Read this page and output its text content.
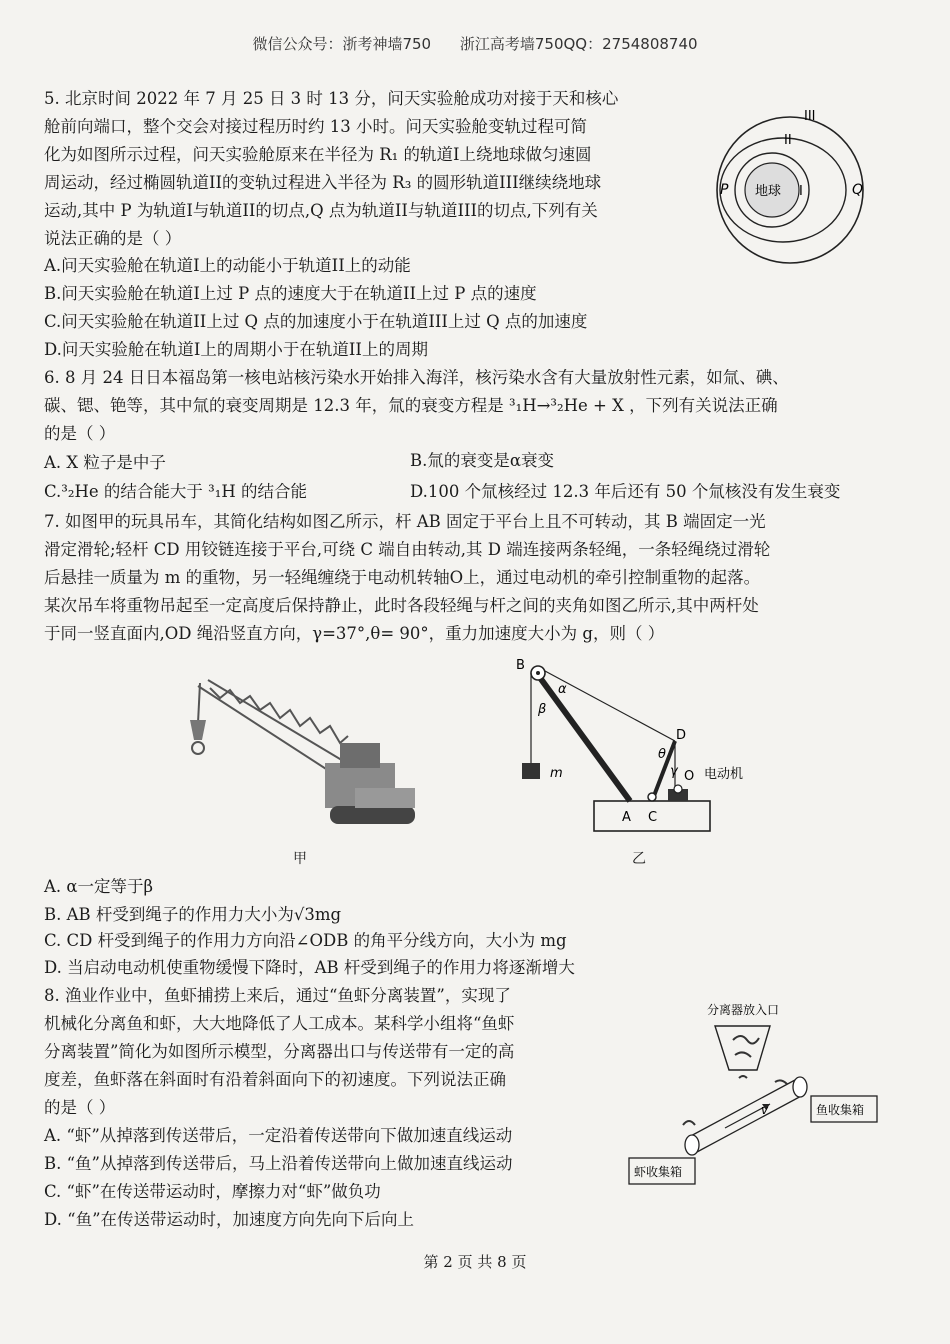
微信公众号：浙考神墙750 浙江高考墙750QQ：2754808740
5. 北京时间 2022 年 7 月 25 日 3 时 13 分，问天实验舱成功对接于天和核心
舱前向端口，整个交会对接过程历时约 13 小时。问天实验舱变轨过程可简
化为如图所示过程，问天实验舱原来在半径为 R₁ 的轨道I上绕地球做匀速圆
周运动，经过椭圆轨道II的变轨过程进入半径为 R₃ 的圆形轨道III继续绕地球
运动,其中 P 为轨道I与轨道II的切点,Q 点为轨道II与轨道III的切点,下列有关
说法正确的是（ ）
A.问天实验舱在轨道I上的动能小于轨道II上的动能
B.问天实验舱在轨道I上过 P 点的速度大于在轨道II上过 P 点的速度
C.问天实验舱在轨道II上过 Q 点的加速度小于在轨道III上过 Q 点的加速度
D.问天实验舱在轨道I上的周期小于在轨道II上的周期
III
II
I
地球
P	Q
6. 8 月 24 日日本福岛第一核电站核污染水开始排入海洋，核污染水含有大量放射性元素，如氚、碘、
碳、锶、铯等，其中氚的衰变周期是 12.3 年，氚的衰变方程是 ³₁H→³₂He + X ，下列有关说法正确
的是（ ）
A. X 粒子是中子	B.氚的衰变是α衰变
C.³₂He 的结合能大于 ³₁H 的结合能	D.100 个氚核经过 12.3 年后还有 50 个氚核没有发生衰变
7. 如图甲的玩具吊车，其简化结构如图乙所示，杆 AB 固定于平台上且不可转动，其 B 端固定一光
滑定滑轮;轻杆 CD 用铰链连接于平台,可绕 C 端自由转动,其 D 端连接两条轻绳，一条轻绳绕过滑轮
后悬挂一质量为 m 的重物，另一轻绳缠绕于电动机转轴O上，通过电动机的牵引控制重物的起落。
某次吊车将重物吊起至一定高度后保持静止，此时各段轻绳与杆之间的夹角如图乙所示,其中两杆处
于同一竖直面内,OD 绳沿竖直方向，γ=37°,θ= 90°，重力加速度大小为 g，则（ ）
甲
B
α
β
D
θ
γ O 电动机
m
A C
乙
A. α一定等于β
B. AB 杆受到绳子的作用力大小为√3mg
C. CD 杆受到绳子的作用力方向沿∠ODB 的角平分线方向，大小为 mg
D. 当启动电动机使重物缓慢下降时，AB 杆受到绳子的作用力将逐渐增大
8. 渔业作业中，鱼虾捕捞上来后，通过“鱼虾分离装置”，实现了
机械化分离鱼和虾，大大地降低了人工成本。某科学小组将“鱼虾
分离装置”简化为如图所示模型，分离器出口与传送带有一定的高
度差，鱼虾落在斜面时有沿着斜面向下的初速度。下列说法正确
的是（ ）
A. “虾”从掉落到传送带后，一定沿着传送带向下做加速直线运动
B. “鱼”从掉落到传送带后，马上沿着传送带向上做加速直线运动
C. “虾”在传送带运动时，摩擦力对“虾”做负功
D. “鱼”在传送带运动时，加速度方向先向下后向上
分离器放入口
v	鱼收集箱
虾收集箱
第 2 页 共 8 页
